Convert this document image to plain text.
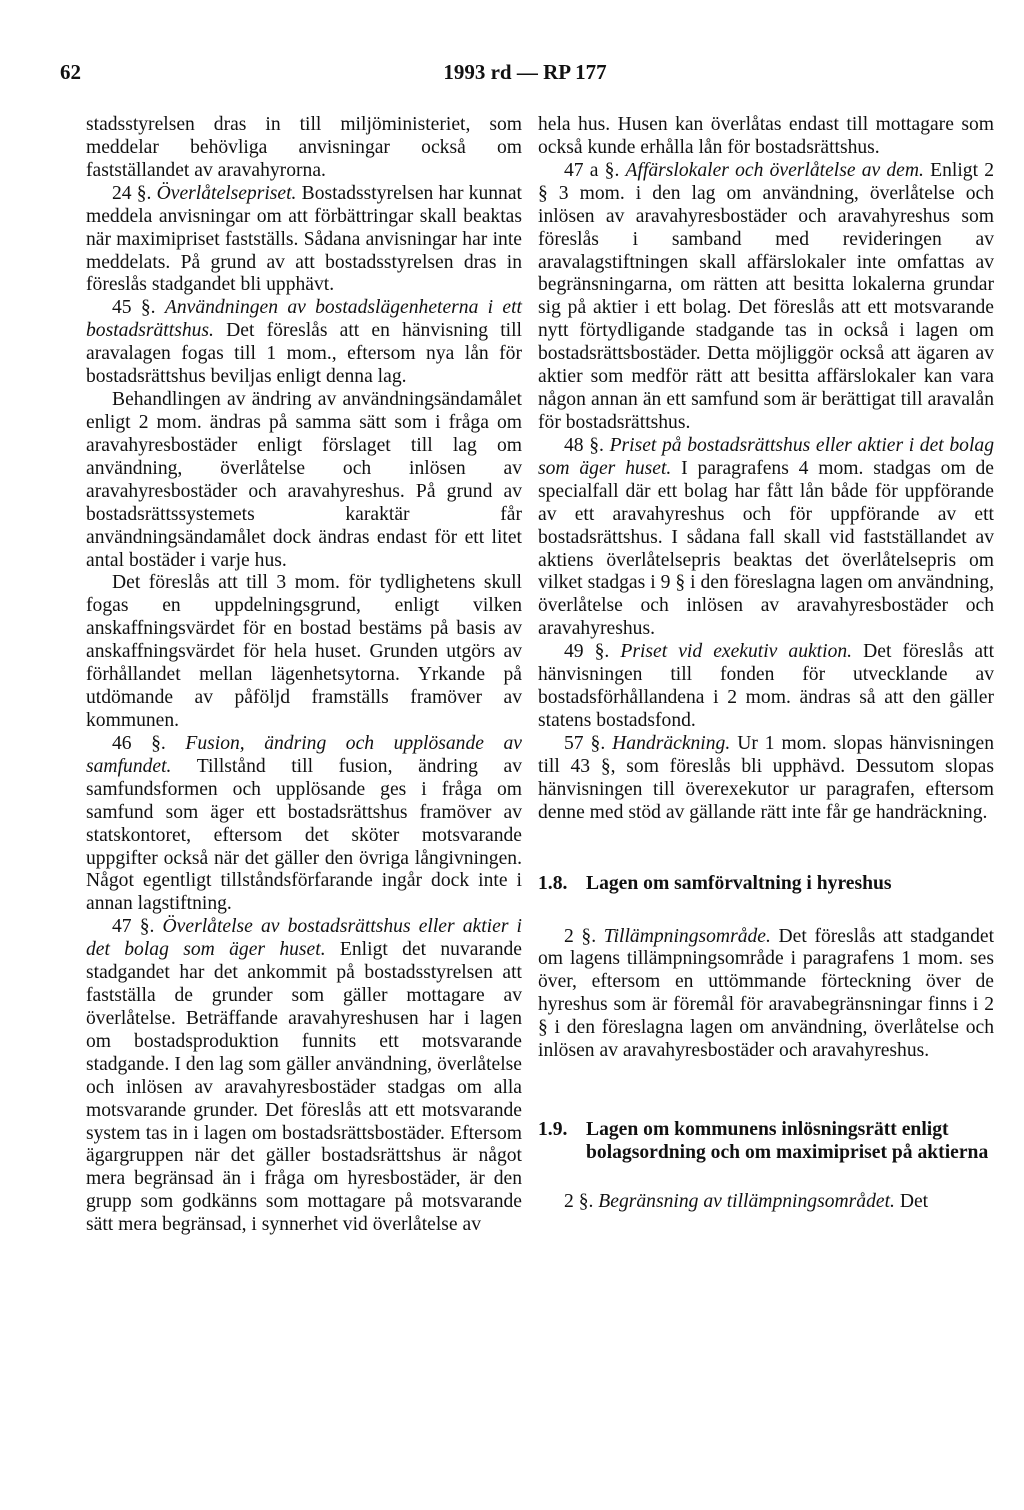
62	1993 rd — RP 177

stadsstyrelsen dras in till miljöministeriet, som meddelar behövliga anvisningar också om fastställandet av aravahyrorna.

24 §. Överlåtelsepriset. Bostadsstyrelsen har kunnat meddela anvisningar om att förbättringar skall beaktas när maximipriset fastställs. Sådana anvisningar har inte meddelats. På grund av att bostadsstyrelsen dras in föreslås stadgandet bli upphävt.

45 §. Användningen av bostadslägenheterna i ett bostadsrättshus. Det föreslås att en hänvisning till aravalagen fogas till 1 mom., eftersom nya lån för bostadsrättshus beviljas enligt denna lag.

Behandlingen av ändring av användningsändamålet enligt 2 mom. ändras på samma sätt som i fråga om aravahyresbostäder enligt förslaget till lag om användning, överlåtelse och inlösen av aravahyresbostäder och aravahyreshus. På grund av bostadsrättssystemets karaktär får användningsändamålet dock ändras endast för ett litet antal bostäder i varje hus.

Det föreslås att till 3 mom. för tydlighetens skull fogas en uppdelningsgrund, enligt vilken anskaffningsvärdet för en bostad bestäms på basis av anskaffningsvärdet för hela huset. Grunden utgörs av förhållandet mellan lägenhetsytorna. Yrkande på utdömande av påföljd framställs framöver av kommunen.

46 §. Fusion, ändring och upplösande av samfundet. Tillstånd till fusion, ändring av samfundsformen och upplösande ges i fråga om samfund som äger ett bostadsrättshus framöver av statskontoret, eftersom det sköter motsvarande uppgifter också när det gäller den övriga långivningen. Något egentligt tillståndsförfarande ingår dock inte i annan lagstiftning.

47 §. Överlåtelse av bostadsrättshus eller aktier i det bolag som äger huset. Enligt det nuvarande stadgandet har det ankommit på bostadsstyrelsen att fastställa de grunder som gäller mottagare av överlåtelse. Beträffande aravahyreshusen har i lagen om bostadsproduktion funnits ett motsvarande stadgande. I den lag som gäller användning, överlåtelse och inlösen av aravahyresbostäder stadgas om alla motsvarande grunder. Det föreslås att ett motsvarande system tas in i lagen om bostadsrättsbostäder. Eftersom ägargruppen när det gäller bostadsrättshus är något mera begränsad än i fråga om hyresbostäder, är den grupp som godkänns som mottagare på motsvarande sätt mera begränsad, i synnerhet vid överlåtelse av

hela hus. Husen kan överlåtas endast till mottagare som också kunde erhålla lån för bostadsrättshus.

47 a §. Affärslokaler och överlåtelse av dem. Enligt 2 § 3 mom. i den lag om användning, överlåtelse och inlösen av aravahyresbostäder och aravahyreshus som föreslås i samband med revideringen av aravalagstiftningen skall affärslokaler inte omfattas av begränsningarna, om rätten att besitta lokalerna grundar sig på aktier i ett bolag. Det föreslås att ett motsvarande nytt förtydligande stadgande tas in också i lagen om bostadsrättsbostäder. Detta möjliggör också att ägaren av aktier som medför rätt att besitta affärslokaler kan vara någon annan än ett samfund som är berättigat till aravalån för bostadsrättshus.

48 §. Priset på bostadsrättshus eller aktier i det bolag som äger huset. I paragrafens 4 mom. stadgas om de specialfall där ett bolag har fått lån både för uppförande av ett aravahyreshus och för uppförande av ett bostadsrättshus. I sådana fall skall vid fastställandet av aktiens överlåtelsepris beaktas det överlåtelsepris om vilket stadgas i 9 § i den föreslagna lagen om användning, överlåtelse och inlösen av aravahyresbostäder och aravahyreshus.

49 §. Priset vid exekutiv auktion. Det föreslås att hänvisningen till fonden för utvecklande av bostadsförhållandena i 2 mom. ändras så att den gäller statens bostadsfond.

57 §. Handräckning. Ur 1 mom. slopas hänvisningen till 43 §, som föreslås bli upphävd. Dessutom slopas hänvisningen till överexekutor ur paragrafen, eftersom denne med stöd av gällande rätt inte får ge handräckning.

1.8. Lagen om samförvaltning i hyreshus

2 §. Tillämpningsområde. Det föreslås att stadgandet om lagens tillämpningsområde i paragrafens 1 mom. ses över, eftersom en uttömmande förteckning över de hyreshus som är föremål för aravabegränsningar finns i 2 § i den föreslagna lagen om användning, överlåtelse och inlösen av aravahyresbostäder och aravahyreshus.

1.9. Lagen om kommunens inlösningsrätt enligt bolagsordning och om maximipriset på aktierna

2 §. Begränsning av tillämpningsområdet. Det
